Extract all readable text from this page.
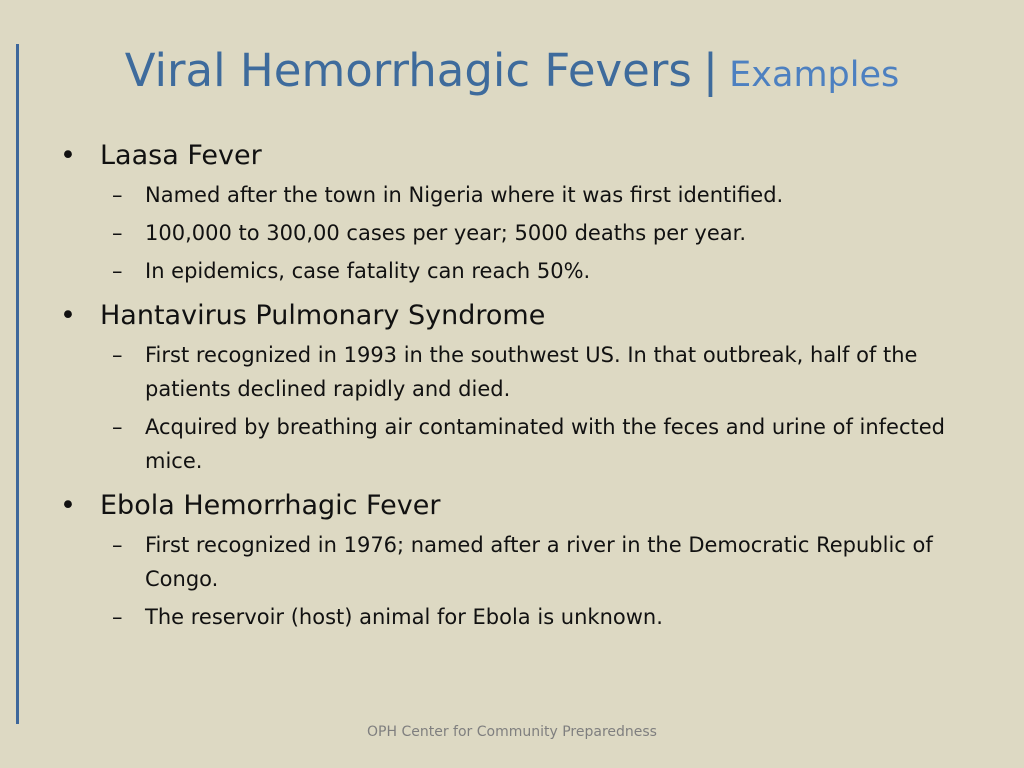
Viral Hemorrhagic Fevers | Examples
• Laasa Fever
– Named after the town in Nigeria where it was first identified.
– 100,000 to 300,00 cases per year; 5000 deaths per year.
– In epidemics, case fatality can reach 50%.
• Hantavirus Pulmonary Syndrome
– First recognized in 1993 in the southwest US. In that outbreak, half of the patients declined rapidly and died.
– Acquired by breathing air contaminated with the feces and urine of infected mice.
• Ebola Hemorrhagic Fever
– First recognized in 1976; named after a river in the Democratic Republic of Congo.
– The reservoir (host) animal for Ebola is unknown.
OPH Center for Community Preparedness
